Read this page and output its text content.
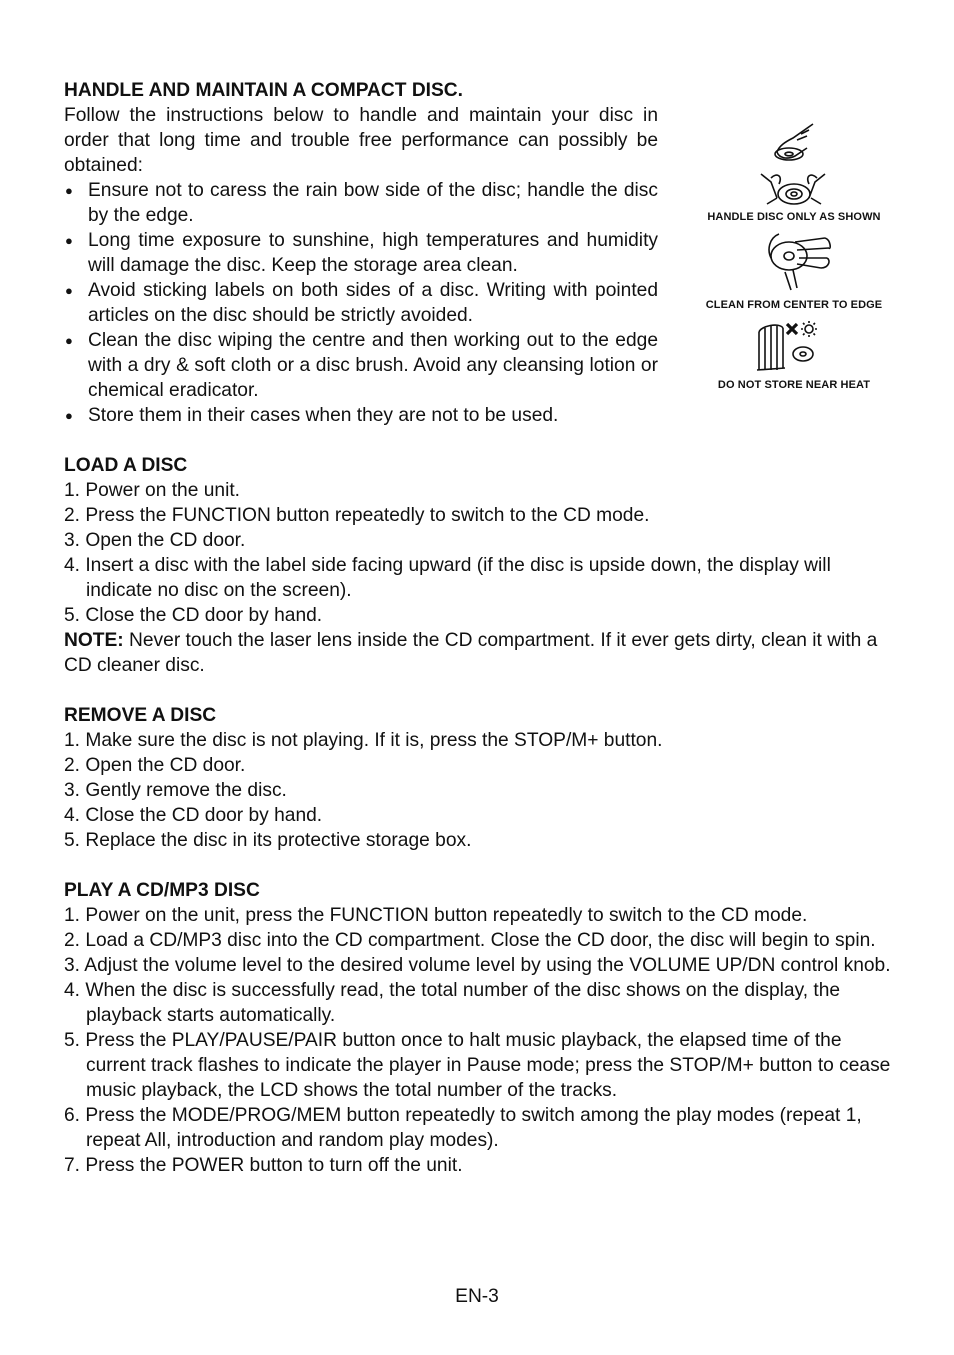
HANDLE AND MAINTAIN A COMPACT DISC.
Follow the instructions below to handle and maintain your disc in order that long time and trouble free performance can possibly be obtained:
● Ensure not to caress the rain bow side of the disc; handle the disc by the edge.
● Long time exposure to sunshine, high temperatures and humidity will damage the disc. Keep the storage area clean.
● Avoid sticking labels on both sides of a disc. Writing with pointed articles on the disc should be strictly avoided.
● Clean the disc wiping the centre and then working out to the edge with a dry & soft cloth or a disc brush. Avoid any cleansing lotion or chemical eradicator.
● Store them in their cases when they are not to be used.
HANDLE DISC ONLY AS SHOWN
CLEAN FROM CENTER TO EDGE
DO NOT STORE NEAR HEAT
LOAD A DISC
1. Power on the unit.
2. Press the FUNCTION button repeatedly to switch to the CD mode.
3. Open the CD door.
4. Insert a disc with the label side facing upward (if the disc is upside down, the display will indicate no disc on the screen).
5. Close the CD door by hand.
NOTE: Never touch the laser lens inside the CD compartment. If it ever gets dirty, clean it with a CD cleaner disc.
REMOVE A DISC
1. Make sure the disc is not playing. If it is, press the STOP/M+ button.
2. Open the CD door.
3. Gently remove the disc.
4. Close the CD door by hand.
5. Replace the disc in its protective storage box.
PLAY A CD/MP3 DISC
1. Power on the unit, press the FUNCTION button repeatedly to switch to the CD mode.
2. Load a CD/MP3 disc into the CD compartment. Close the CD door, the disc will begin to spin.
3. Adjust the volume level to the desired volume level by using the VOLUME UP/DN control knob.
4. When the disc is successfully read, the total number of the disc shows on the display, the playback starts automatically.
5. Press the PLAY/PAUSE/PAIR button once to halt music playback, the elapsed time of the current track flashes to indicate the player in Pause mode; press the STOP/M+ button to cease music playback, the LCD shows the total number of the tracks.
6. Press the MODE/PROG/MEM button repeatedly to switch among the play modes (repeat 1, repeat All, introduction and random play modes).
7. Press the POWER button to turn off the unit.
EN-3
